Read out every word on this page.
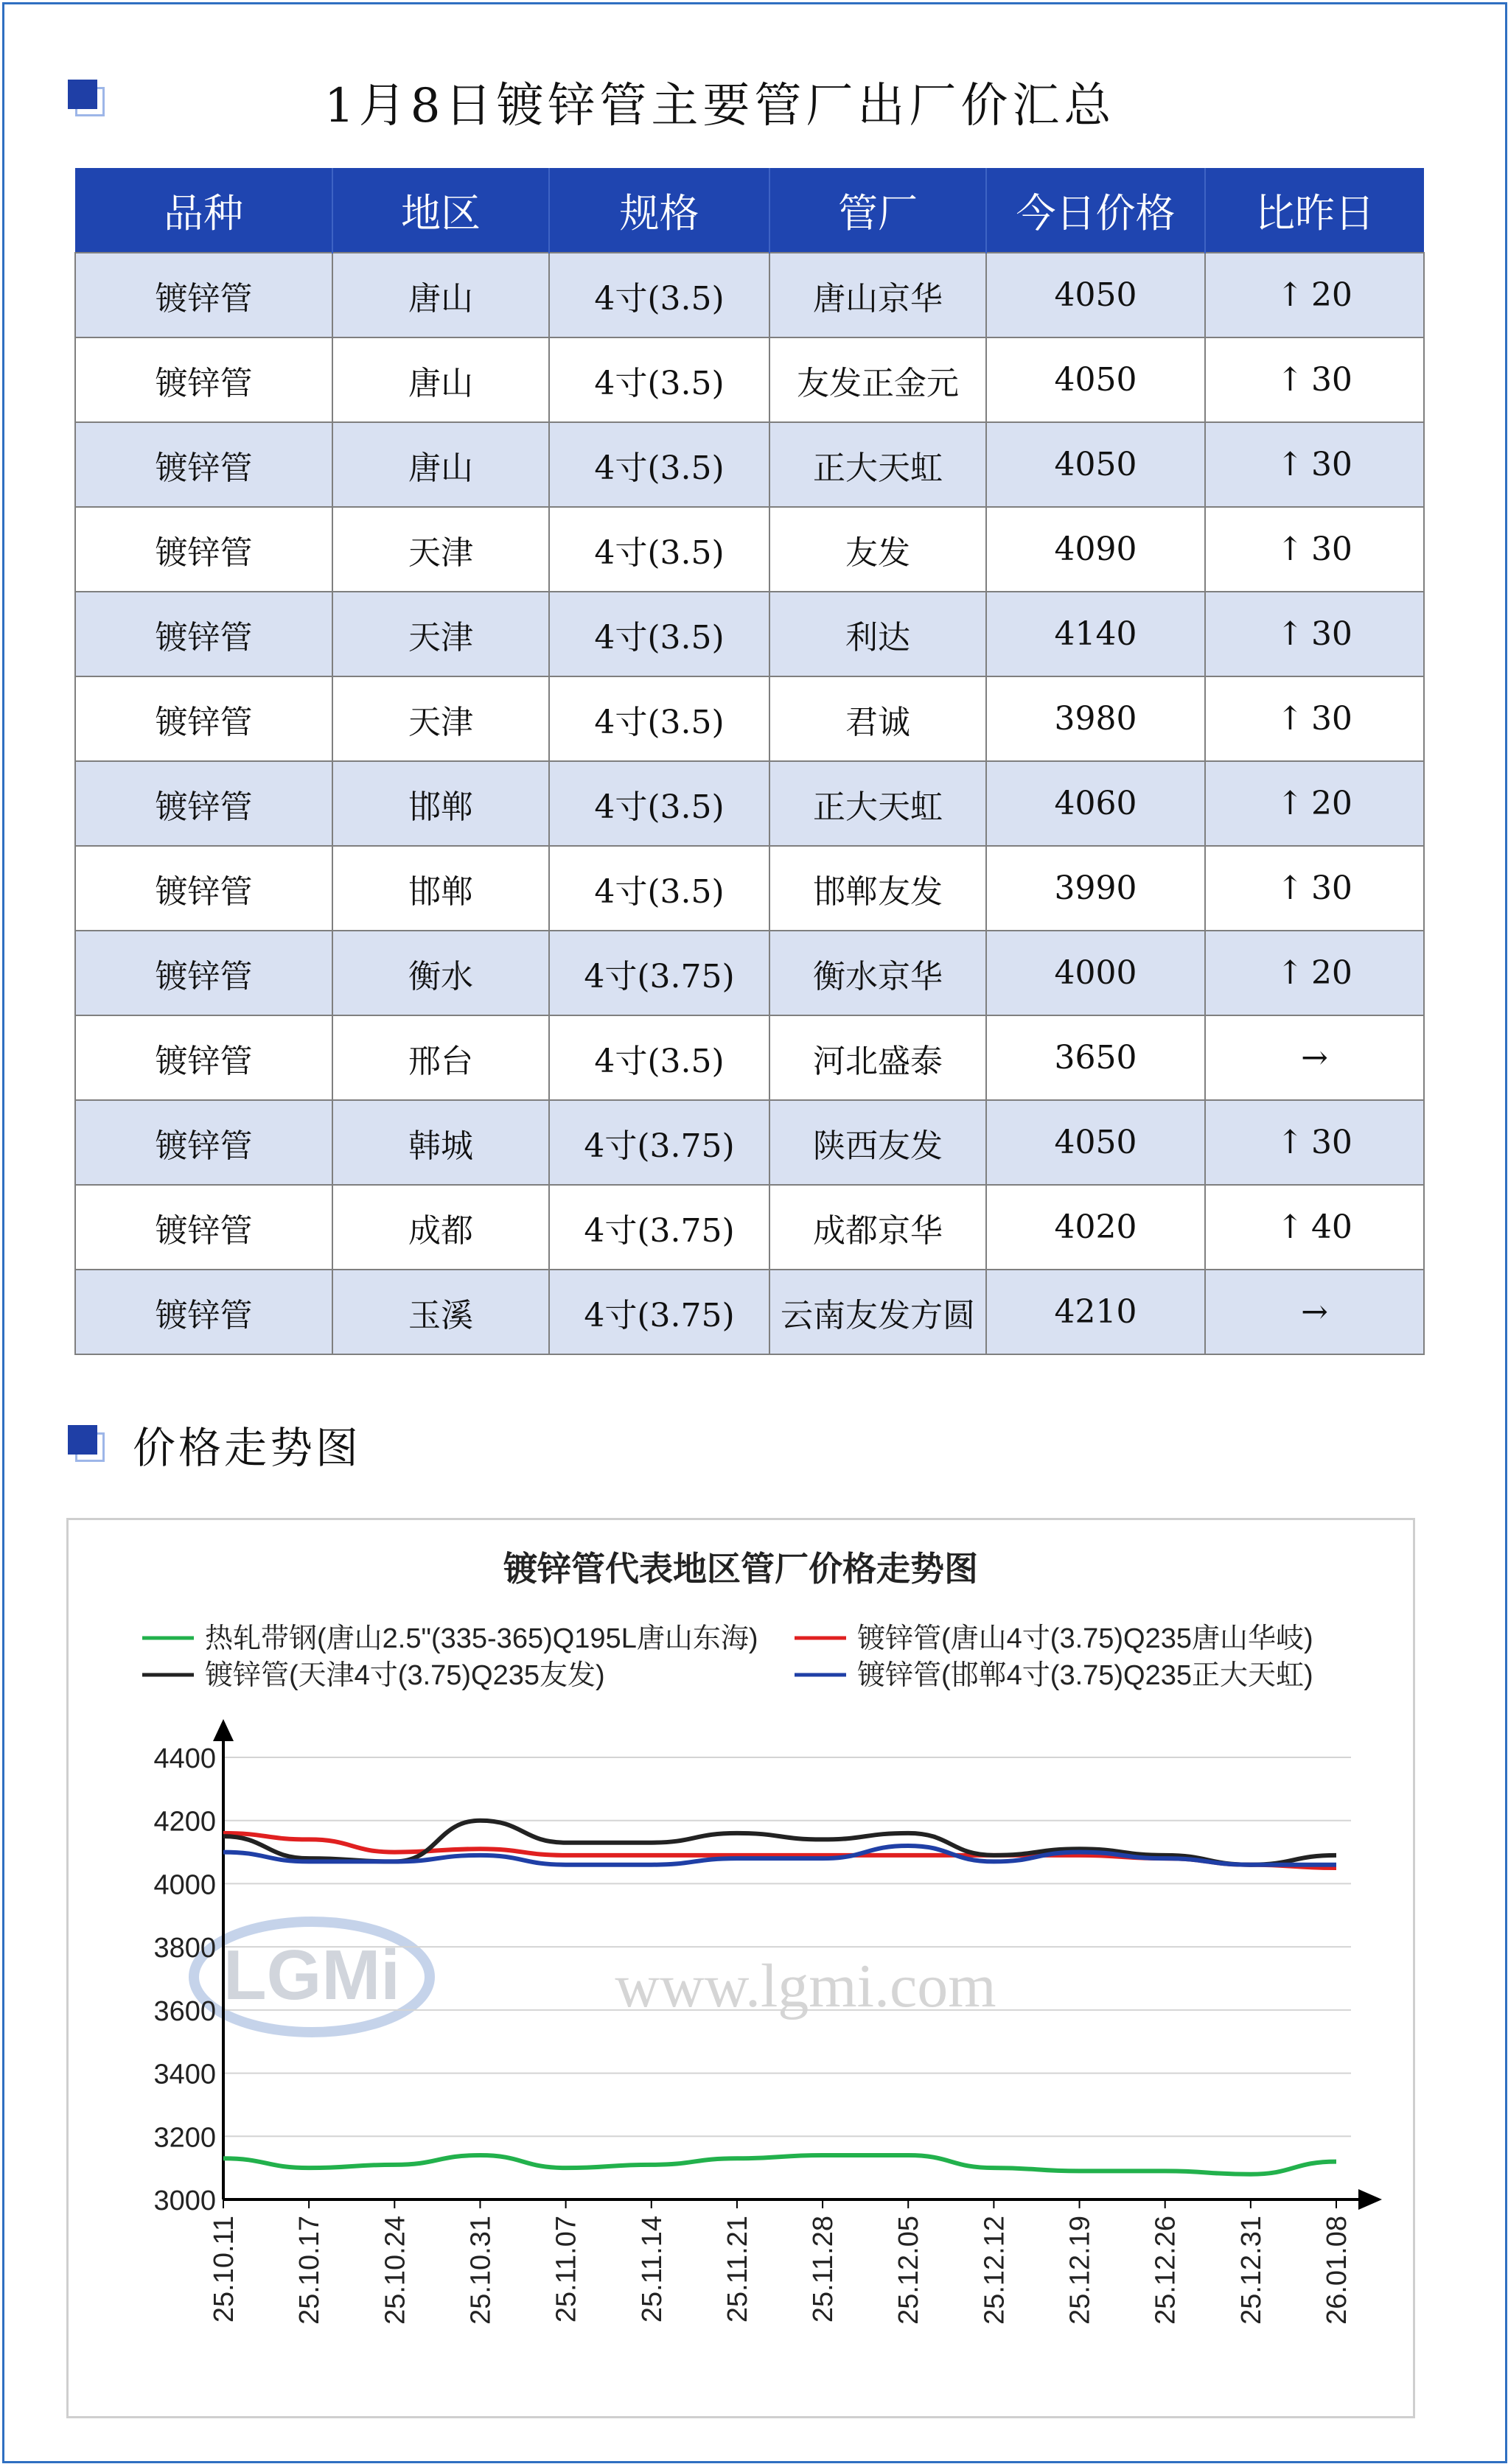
1月8日镀锌管主要管厂出厂价汇总
品种	地区	规格	管厂	今日价格	比昨日
镀锌管	唐山	4寸(3.5)	唐山京华	4050	↑ 20
镀锌管	唐山	4寸(3.5)	友发正金元	4050	↑ 30
镀锌管	唐山	4寸(3.5)	正大天虹	4050	↑ 30
镀锌管	天津	4寸(3.5)	友发	4090	↑ 30
镀锌管	天津	4寸(3.5)	利达	4140	↑ 30
镀锌管	天津	4寸(3.5)	君诚	3980	↑ 30
镀锌管	邯郸	4寸(3.5)	正大天虹	4060	↑ 20
镀锌管	邯郸	4寸(3.5)	邯郸友发	3990	↑ 30
镀锌管	衡水	4寸(3.75)	衡水京华	4000	↑ 20
镀锌管	邢台	4寸(3.5)	河北盛泰	3650	→
镀锌管	韩城	4寸(3.75)	陕西友发	4050	↑ 30
镀锌管	成都	4寸(3.75)	成都京华	4020	↑ 40
镀锌管	玉溪	4寸(3.75)	云南友发方圆	4210	→
价格走势图
镀锌管代表地区管厂价格走势图
热轧带钢(唐山2.5"(335-365)Q195L唐山东海)	镀锌管(唐山4寸(3.75)Q235唐山华岐)
镀锌管(天津4寸(3.75)Q235友发)	镀锌管(邯郸4寸(3.75)Q235正大天虹)
LGMi	www.lgmi.com
3000
3200
3400
3600
3800
4000
4200
4400
25.10.11 25.10.17 25.10.24 25.10.31 25.11.07 25.11.14 25.11.21 25.11.28 25.12.05 25.12.12 25.12.19 25.12.26 25.12.31 26.01.08
